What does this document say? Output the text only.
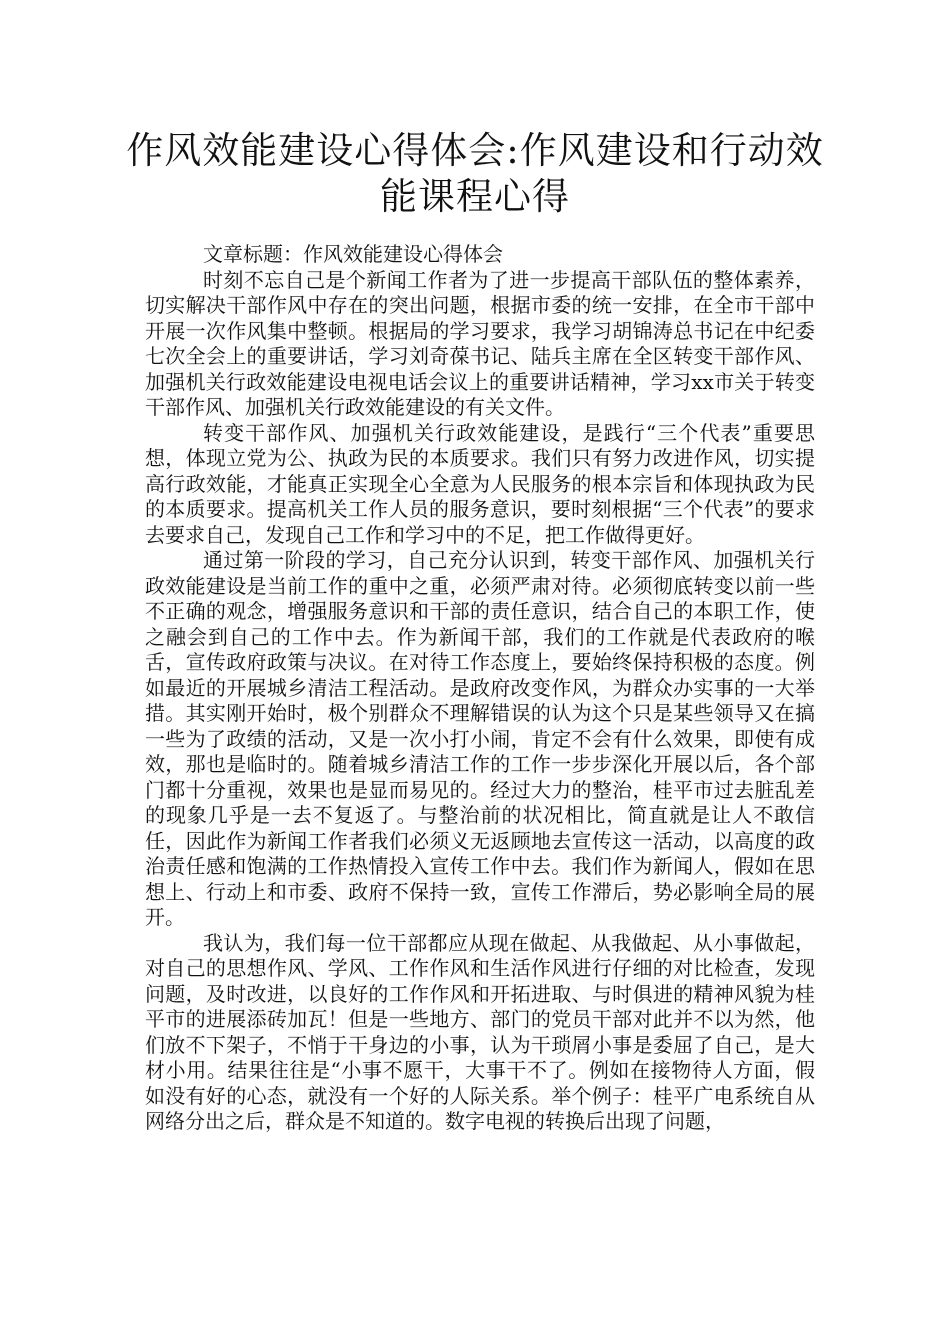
作风效能建设心得体会:作风建设和行动效能课程心得

文章标题：作风效能建设心得体会

时刻不忘自己是个新闻工作者为了进一步提高干部队伍的整体素养，切实解决干部作风中存在的突出问题，根据市委的统一安排，在全市干部中开展一次作风集中整顿。根据局的学习要求，我学习胡锦涛总书记在中纪委七次全会上的重要讲话，学习刘奇葆书记、陆兵主席在全区转变干部作风、加强机关行政效能建设电视电话会议上的重要讲话精神，学习xx市关于转变干部作风、加强机关行政效能建设的有关文件。

转变干部作风、加强机关行政效能建设，是践行“三个代表”重要思想，体现立党为公、执政为民的本质要求。我们只有努力改进作风，切实提高行政效能，才能真正实现全心全意为人民服务的根本宗旨和体现执政为民的本质要求。提高机关工作人员的服务意识，要时刻根据“三个代表”的要求去要求自己，发现自己工作和学习中的不足，把工作做得更好。

通过第一阶段的学习，自己充分认识到，转变干部作风、加强机关行政效能建设是当前工作的重中之重，必须严肃对待。必须彻底转变以前一些不正确的观念，增强服务意识和干部的责任意识，结合自己的本职工作，使之融会到自己的工作中去。作为新闻干部，我们的工作就是代表政府的喉舌，宣传政府政策与决议。在对待工作态度上，要始终保持积极的态度。例如最近的开展城乡清洁工程活动。是政府改变作风，为群众办实事的一大举措。其实刚开始时，极个别群众不理解错误的认为这个只是某些领导又在搞一些为了政绩的活动，又是一次小打小闹，肯定不会有什么效果，即使有成效，那也是临时的。随着城乡清洁工作的工作一步步深化开展以后，各个部门都十分重视，效果也是显而易见的。经过大力的整治，桂平市过去脏乱差的现象几乎是一去不复返了。与整治前的状况相比，简直就是让人不敢信任，因此作为新闻工作者我们必须义无返顾地去宣传这一活动，以高度的政治责任感和饱满的工作热情投入宣传工作中去。我们作为新闻人，假如在思想上、行动上和市委、政府不保持一致，宣传工作滞后，势必影响全局的展开。

我认为，我们每一位干部都应从现在做起、从我做起、从小事做起，对自己的思想作风、学风、工作作风和生活作风进行仔细的对比检查，发现问题，及时改进，以良好的工作作风和开拓进取、与时俱进的精神风貌为桂平市的进展添砖加瓦！但是一些地方、部门的党员干部对此并不以为然，他们放不下架子，不悄于干身边的小事，认为干琐屑小事是委屈了自己，是大材小用。结果往往是“小事不愿干，大事干不了。例如在接物待人方面，假如没有好的心态，就没有一个好的人际关系。举个例子：桂平广电系统自从网络分出之后，群众是不知道的。数字电视的转换后出现了问题，
